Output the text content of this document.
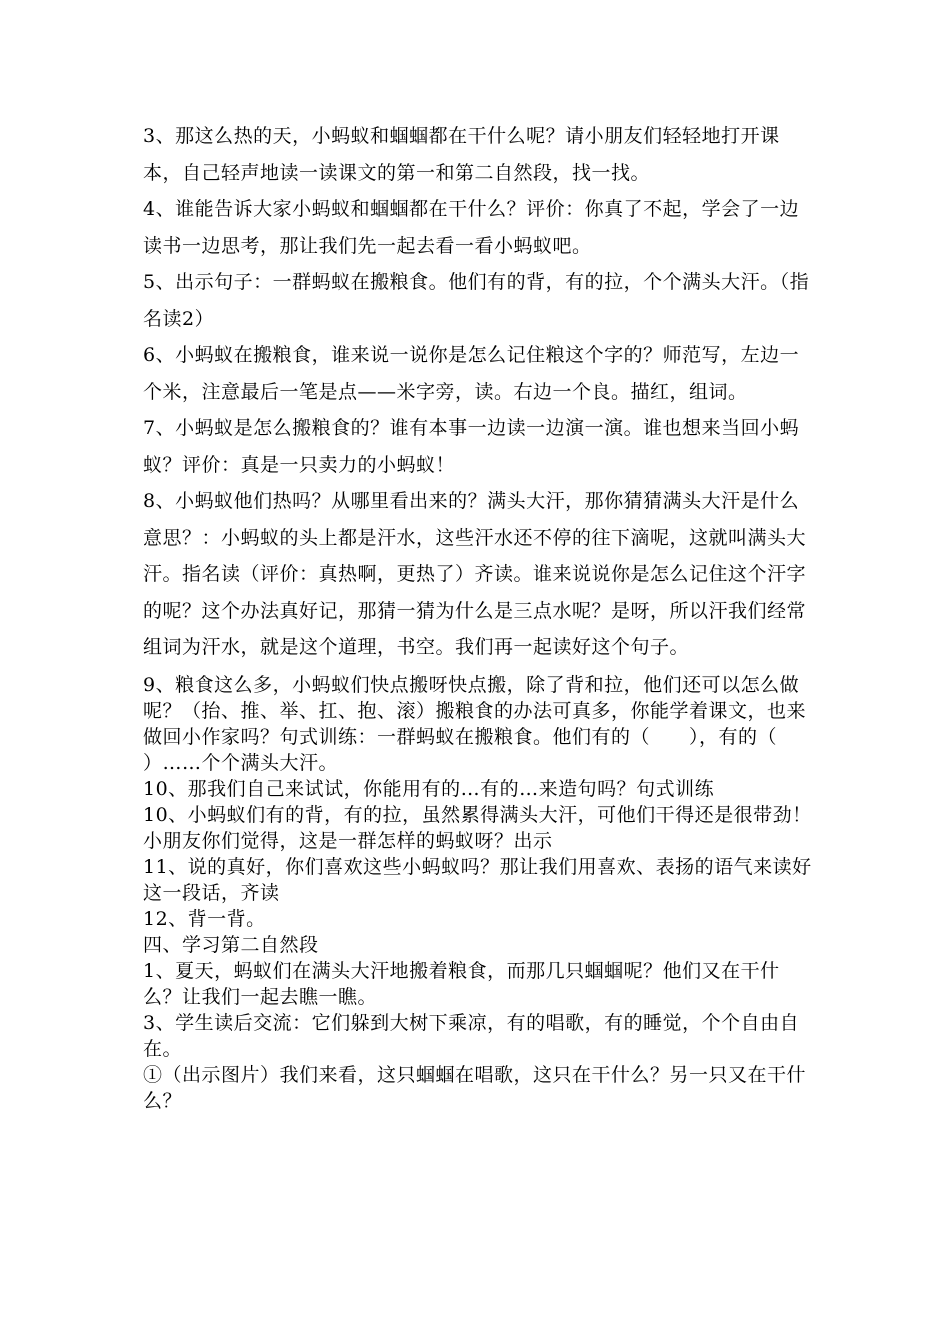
3、那这么热的天，小蚂蚁和蝈蝈都在干什么呢？请小朋友们轻轻地打开课本，自己轻声地读一读课文的第一和第二自然段，找一找。

4、谁能告诉大家小蚂蚁和蝈蝈都在干什么？评价：你真了不起，学会了一边读书一边思考，那让我们先一起去看一看小蚂蚁吧。

5、出示句子：一群蚂蚁在搬粮食。他们有的背，有的拉，个个满头大汗。（指名读2）

6、小蚂蚁在搬粮食，谁来说一说你是怎么记住粮这个字的？师范写，左边一个米，注意最后一笔是点——米字旁，读。右边一个良。描红，组词。

7、小蚂蚁是怎么搬粮食的？谁有本事一边读一边演一演。谁也想来当回小蚂蚁？评价：真是一只卖力的小蚂蚁！

8、小蚂蚁他们热吗？从哪里看出来的？满头大汗，那你猜猜满头大汗是什么意思？：小蚂蚁的头上都是汗水，这些汗水还不停的往下滴呢，这就叫满头大汗。指名读（评价：真热啊，更热了）齐读。谁来说说你是怎么记住这个汗字的呢？这个办法真好记，那猜一猜为什么是三点水呢？是呀，所以汗我们经常组词为汗水，就是这个道理，书空。我们再一起读好这个句子。

9、粮食这么多，小蚂蚁们快点搬呀快点搬，除了背和拉，他们还可以怎么做呢？（抬、推、举、扛、抱、滚）搬粮食的办法可真多，你能学着课文，也来做回小作家吗？句式训练：一群蚂蚁在搬粮食。他们有的（　　），有的（　　）……个个满头大汗。

10、那我们自己来试试，你能用有的…有的…来造句吗？句式训练

10、小蚂蚁们有的背，有的拉，虽然累得满头大汗，可他们干得还是很带劲！小朋友你们觉得，这是一群怎样的蚂蚁呀？出示

11、说的真好，你们喜欢这些小蚂蚁吗？那让我们用喜欢、表扬的语气来读好这一段话，齐读

12、背一背。

四、学习第二自然段

1、夏天，蚂蚁们在满头大汗地搬着粮食，而那几只蝈蝈呢？他们又在干什么？让我们一起去瞧一瞧。

3、学生读后交流：它们躲到大树下乘凉，有的唱歌，有的睡觉，个个自由自在。

①（出示图片）我们来看，这只蝈蝈在唱歌，这只在干什么？另一只又在干什么？
